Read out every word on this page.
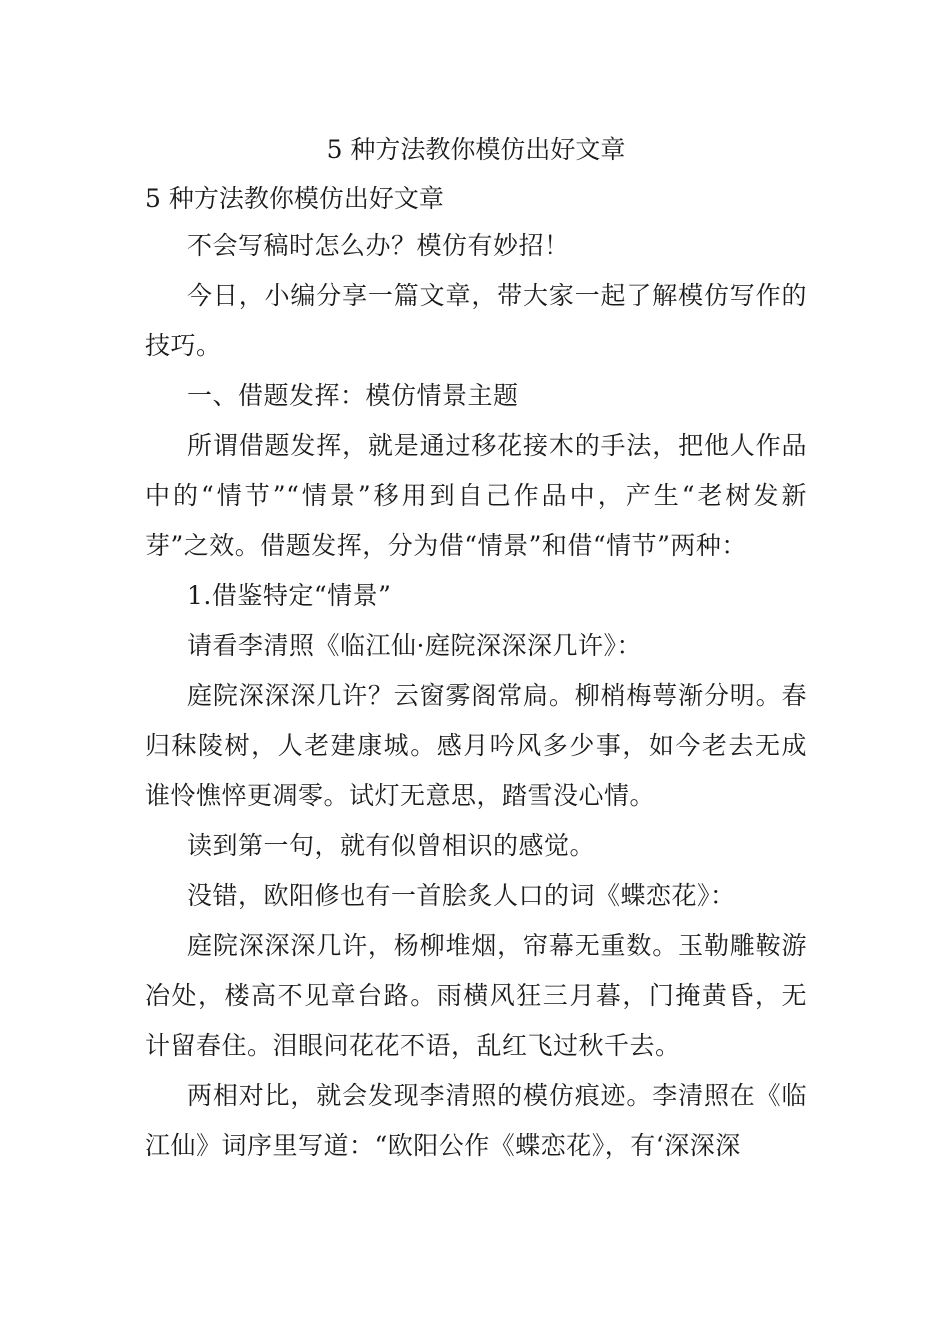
5 种方法教你模仿出好文章
5 种方法教你模仿出好文章

不会写稿时怎么办？模仿有妙招！

今日，小编分享一篇文章，带大家一起了解模仿写作的技巧。

一、借题发挥：模仿情景主题

所谓借题发挥，就是通过移花接木的手法，把他人作品中的“情节”“情景”移用到自己作品中，产生“老树发新芽”之效。借题发挥，分为借“情景”和借“情节”两种：

1.借鉴特定“情景”

请看李清照《临江仙·庭院深深深几许》：

庭院深深深几许？云窗雾阁常扃。柳梢梅萼渐分明。春归秣陵树，人老建康城。感月吟风多少事，如今老去无成谁怜憔悴更凋零。试灯无意思，踏雪没心情。

读到第一句，就有似曾相识的感觉。

没错，欧阳修也有一首脍炙人口的词《蝶恋花》：

庭院深深深几许，杨柳堆烟，帘幕无重数。玉勒雕鞍游冶处，楼高不见章台路。雨横风狂三月暮，门掩黄昏，无计留春住。泪眼问花花不语，乱红飞过秋千去。

两相对比，就会发现李清照的模仿痕迹。李清照在《临江仙》词序里写道：“欧阳公作《蝶恋花》，有‘深深深
